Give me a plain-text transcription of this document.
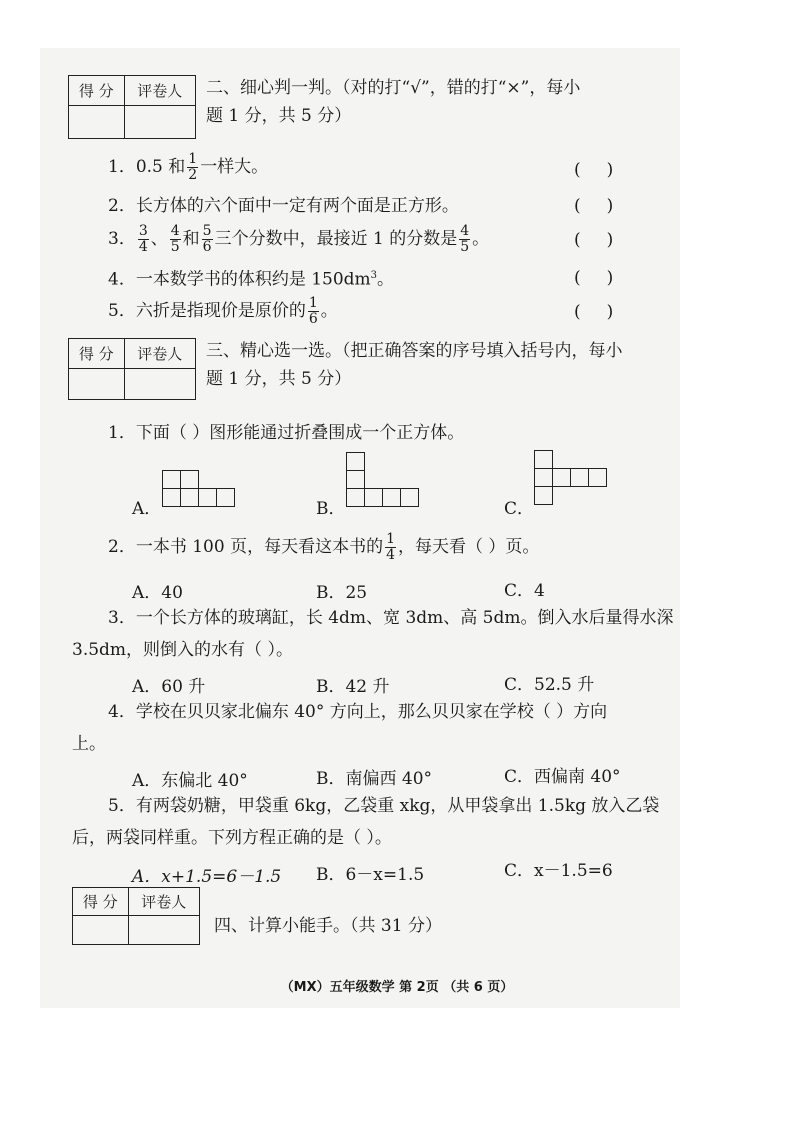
得 分	评卷人
	二、细心判一判。（对的打“√”，错的打“×”，每小
题 1 分，共 5 分）
1．0.5 和 $\frac{1}{2}$ 一样大。	( )
2．长方体的六个面中一定有两个面是正方形。	( )
3． $\frac{3}{4}$ 、 $\frac{4}{5}$ 和 $\frac{5}{6}$ 三个分数中，最接近 1 的分数是 $\frac{4}{5}$ 。	( )
4．一本数学书的体积约是 $150dm^3$。	( )
5．六折是指现价是原价的 $\frac{1}{6}$ 。	( )
得 分	评卷人
	三、精心选一选。（把正确答案的序号填入括号内，每小
题 1 分，共 5 分）
1．下面（ ）图形能通过折叠围成一个正方体。
A．	B．	C．
2．一本书 100 页，每天看这本书的 $\frac{1}{4}$ ，每天看（ ）页。
A．40	B．25	C．4
3．一个长方体的玻璃缸，长 4dm、宽 3dm、高 5dm。倒入水后量得水深
3.5dm，则倒入的水有（ ）。
A．60 升	B．42 升	C．52.5 升
4．学校在贝贝家北偏东 40° 方向上，那么贝贝家在学校（ ）方向
上。
A．东偏北 40°	B．南偏西 40°	C．西偏南 40°
5．有两袋奶糖，甲袋重 6kg，乙袋重 xkg，从甲袋拿出 1.5kg 放入乙袋
后，两袋同样重。下列方程正确的是（ ）。
A．x+1.5=6－1.5 B．6－x=1.5	C．x－1.5=6
得 分	评卷人

四、计算小能手。（共 31 分）
（MX）五年级数学 第 2页 （共 6 页）
